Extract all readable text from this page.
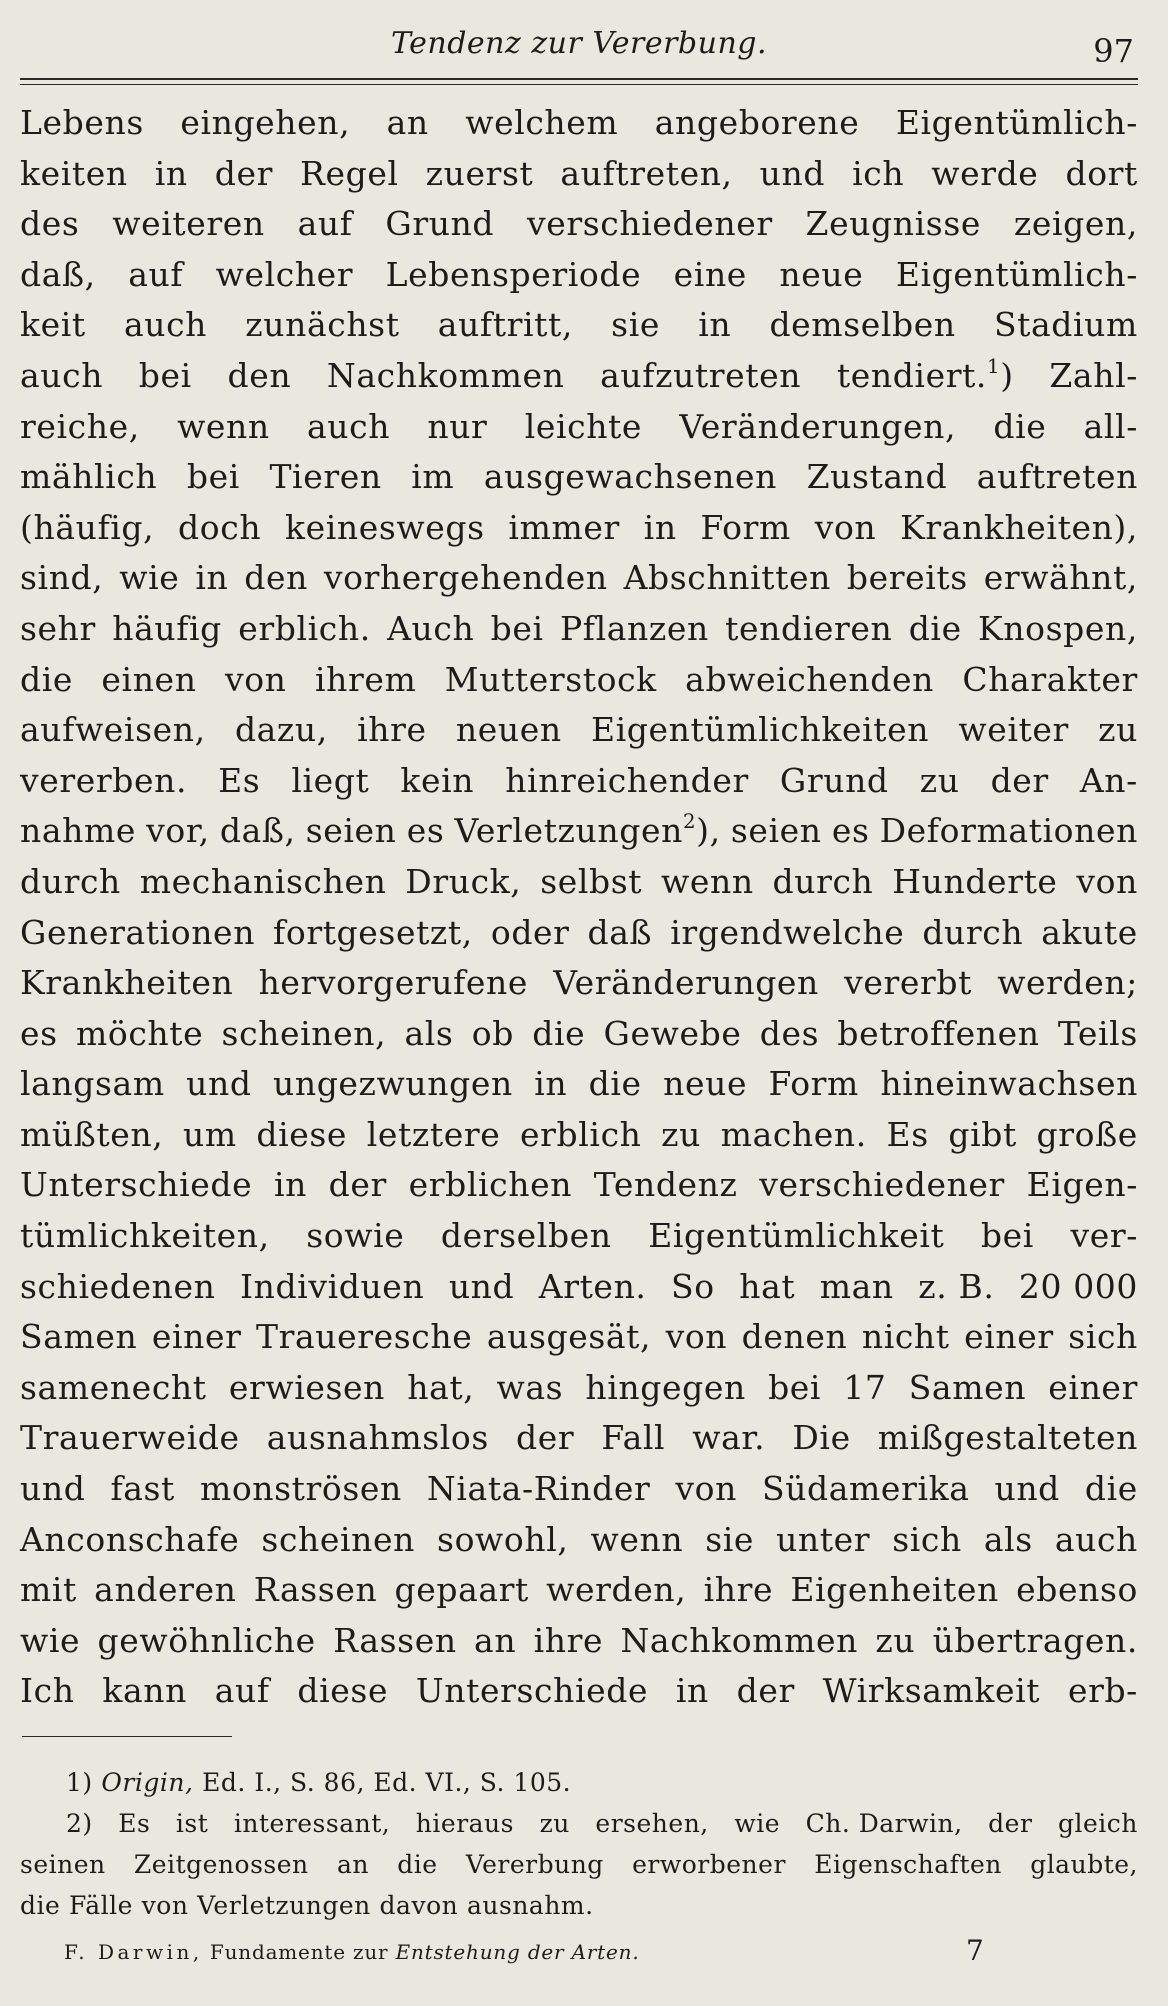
Tendenz zur Vererbung.	97
Lebens eingehen, an welchem angeborene Eigentümlich-
keiten in der Regel zuerst auftreten, und ich werde dort
des weiteren auf Grund verschiedener Zeugnisse zeigen,
daß, auf welcher Lebensperiode eine neue Eigentümlich-
keit auch zunächst auftritt, sie in demselben Stadium
auch bei den Nachkommen aufzutreten tendiert.$^1$) Zahl-
reiche, wenn auch nur leichte Veränderungen, die all-
mählich bei Tieren im ausgewachsenen Zustand auftreten
(häufig, doch keineswegs immer in Form von Krankheiten),
sind, wie in den vorhergehenden Abschnitten bereits erwähnt,
sehr häufig erblich. Auch bei Pflanzen tendieren die Knospen,
die einen von ihrem Mutterstock abweichenden Charakter
aufweisen, dazu, ihre neuen Eigentümlichkeiten weiter zu
vererben. Es liegt kein hinreichender Grund zu der An-
nahme vor, daß, seien es Verletzungen$^2$), seien es Deformationen
durch mechanischen Druck, selbst wenn durch Hunderte von
Generationen fortgesetzt, oder daß irgendwelche durch akute
Krankheiten hervorgerufene Veränderungen vererbt werden;
es möchte scheinen, als ob die Gewebe des betroffenen Teils
langsam und ungezwungen in die neue Form hineinwachsen
müßten, um diese letztere erblich zu machen. Es gibt große
Unterschiede in der erblichen Tendenz verschiedener Eigen-
tümlichkeiten, sowie derselben Eigentümlichkeit bei ver-
schiedenen Individuen und Arten. So hat man z. B. 20 000
Samen einer Traueresche ausgesät, von denen nicht einer sich
samenecht erwiesen hat, was hingegen bei 17 Samen einer
Trauerweide ausnahmslos der Fall war. Die mißgestalteten
und fast monströsen Niata-Rinder von Südamerika und die
Anconschafe scheinen sowohl, wenn sie unter sich als auch
mit anderen Rassen gepaart werden, ihre Eigenheiten ebenso
wie gewöhnliche Rassen an ihre Nachkommen zu übertragen.
Ich kann auf diese Unterschiede in der Wirksamkeit erb-
1) Origin, Ed. I., S. 86, Ed. VI., S. 105.
2) Es ist interessant, hieraus zu ersehen, wie Ch. Darwin, der gleich
seinen Zeitgenossen an die Vererbung erworbener Eigenschaften glaubte,
die Fälle von Verletzungen davon ausnahm.
F. Darwin, Fundamente zur Entstehung der Arten.	7
